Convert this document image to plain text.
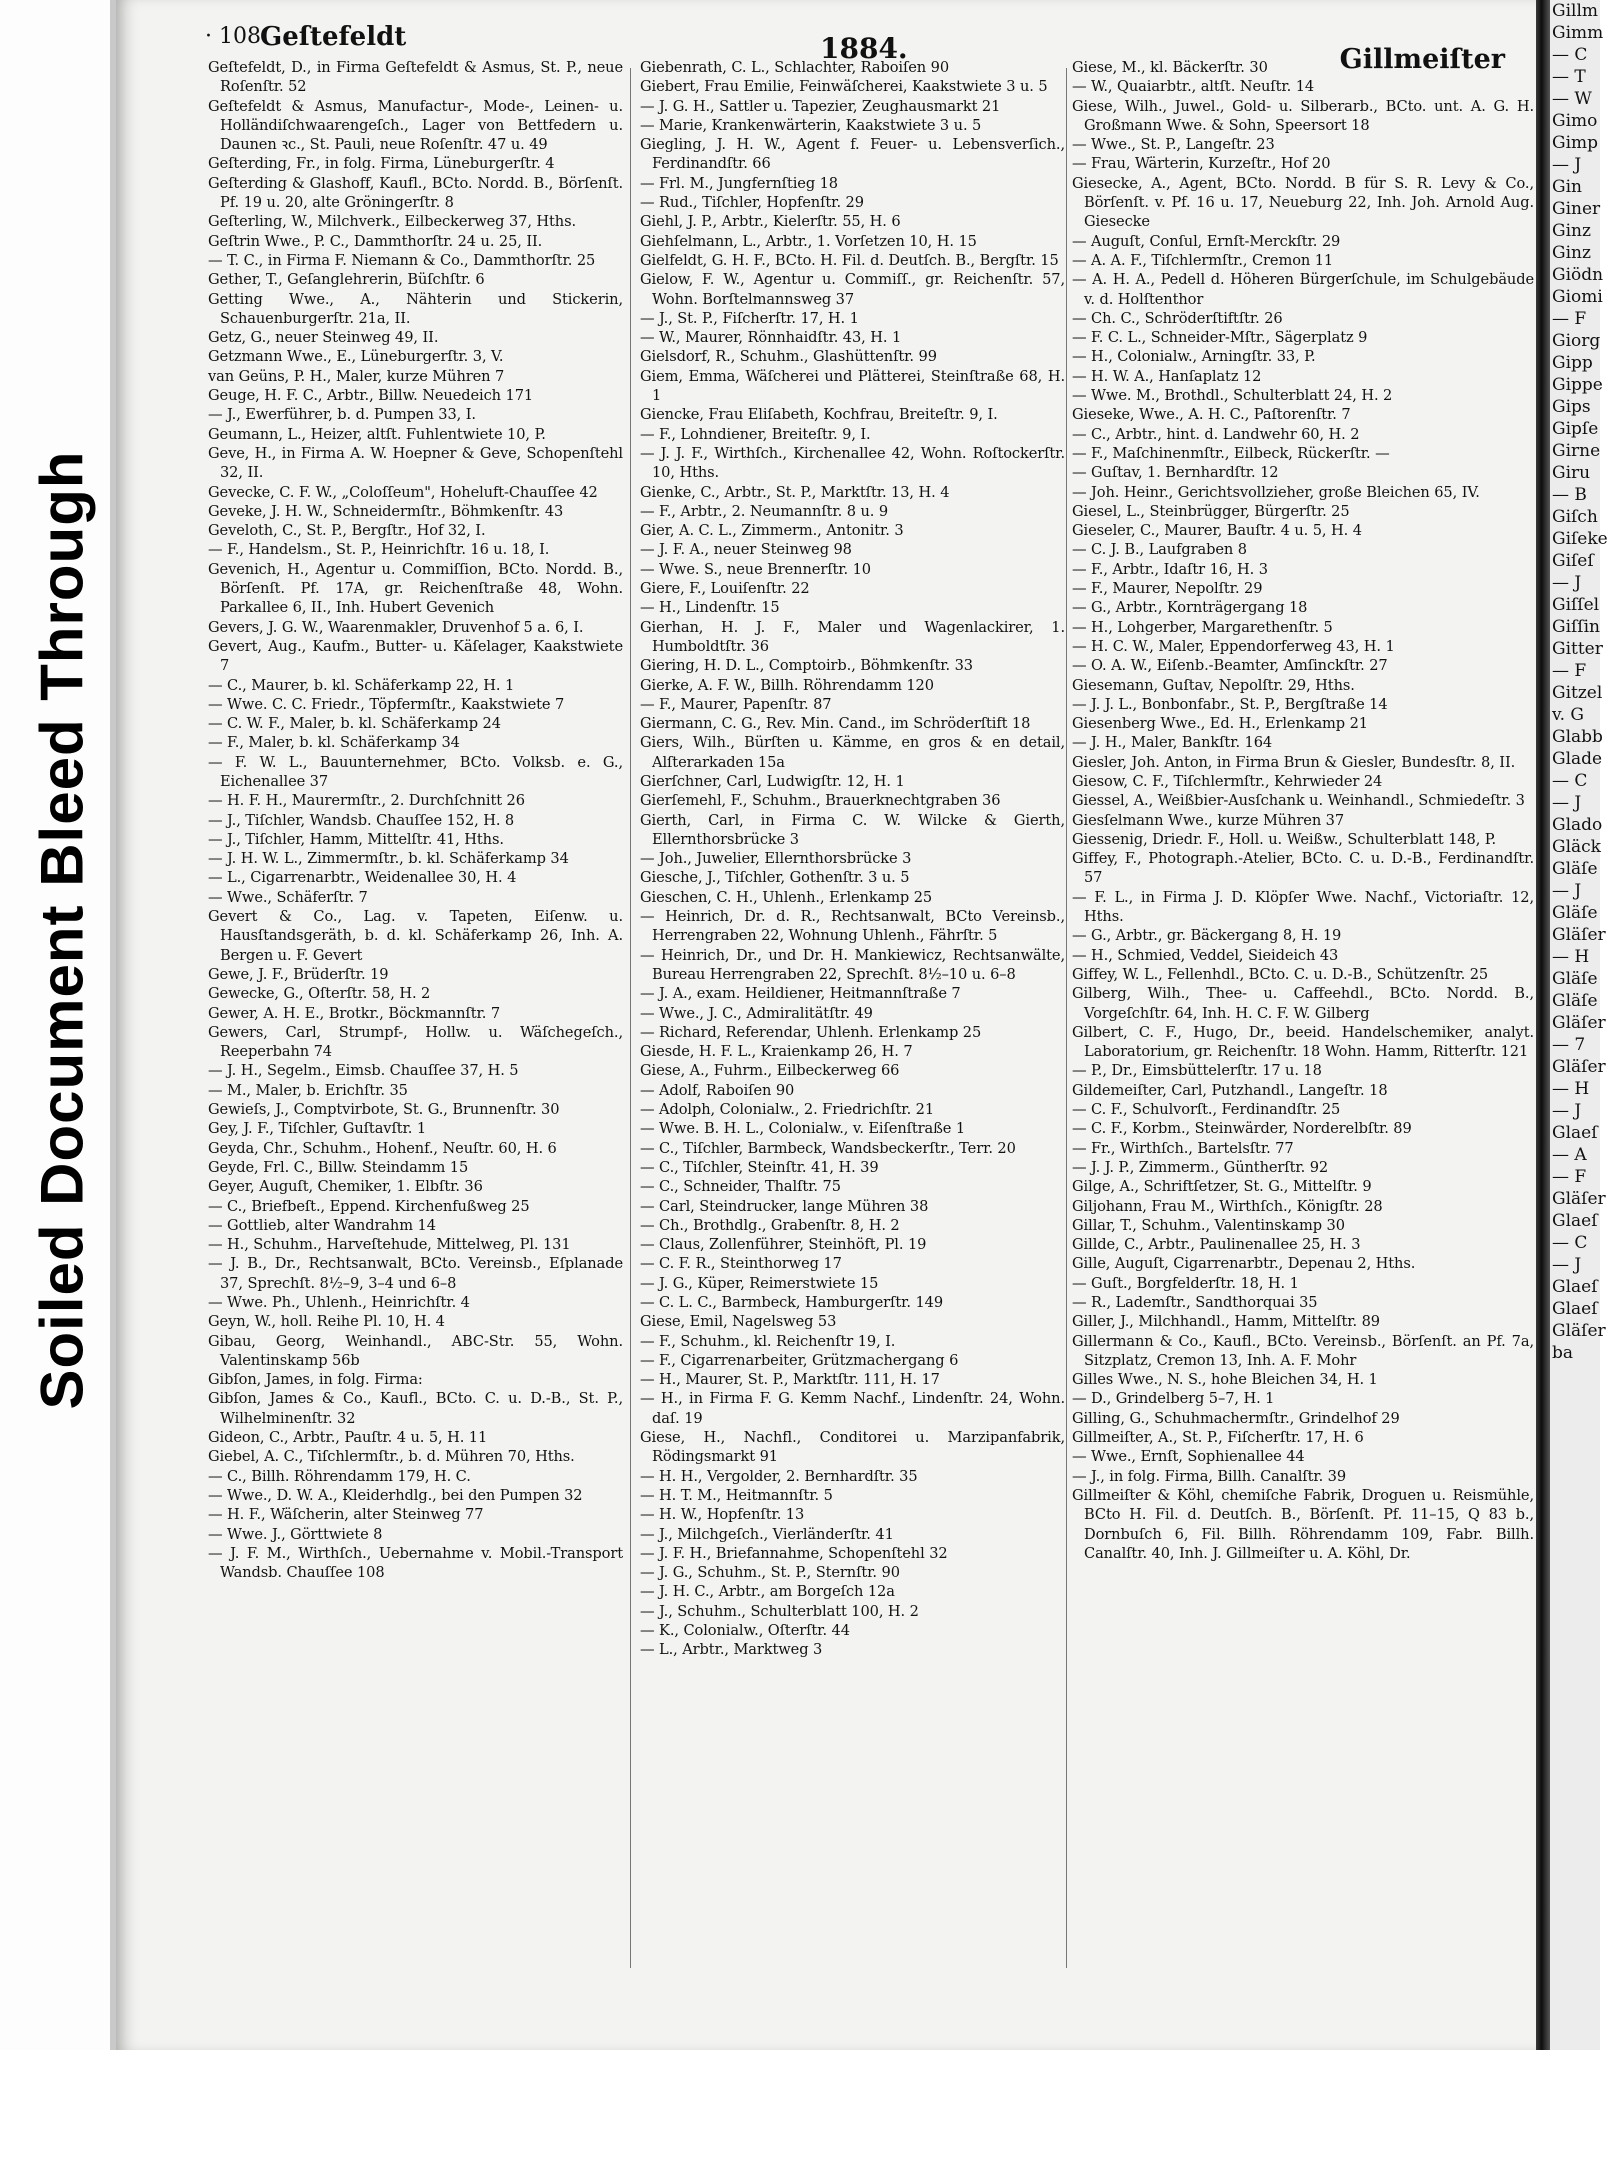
Soiled Document Bleed Through
Gillm
Gimm
— C
— T
— W
Gimo
Gimp
— J
Gin
Giner
Ginz
Ginz
Giödn
Giomi
— F
Giorg
Gipp
Gippe
Gips
Gipſe
Girne
Giru
— B
Giſch
Giſeke
Giſeſ
— J
Giſſel
Giſſin
Gitter
— F
Gitzel
v. G
Glabb
Glade
— C
— J
Glado
Gläck
Gläſe
— J
Gläſe
Gläſer
— H
Gläſe
Gläſe
Gläſer
— 7
Gläſer
— H
— J
Glaeſ
— A
— F
Gläſer
Glaeſ
— C
— J
Glaeſ
Glaeſ
Gläſer
ba
· 108 Geſtefeldt	1884.	Gillmeiſter

Geſtefeldt, D., in Firma Geſtefeldt & Asmus, St. P., neue Roſenſtr. 52

Geſtefeldt & Asmus, Manufactur-, Mode-, Leinen- u. Holländiſchwaarengeſch., Lager von Bettfedern u. Daunen ꝛc., St. Pauli, neue Roſenſtr. 47 u. 49

Geſterding, Fr., in folg. Firma, Lüneburgerſtr. 4

Geſterding & Glashoff, Kaufl., BCto. Nordd. B., Börſenſt. Pf. 19 u. 20, alte Gröningerſtr. 8

Geſterling, W., Milchverk., Eilbeckerweg 37, Hths.

Geſtrin Wwe., P. C., Dammthorſtr. 24 u. 25, II.

— T. C., in Firma F. Niemann & Co., Dammthorſtr. 25

Gether, T., Geſanglehrerin, Büſchſtr. 6

Getting Wwe., A., Nähterin und Stickerin, Schauenburgerſtr. 21a, II.

Getz, G., neuer Steinweg 49, II.

Getzmann Wwe., E., Lüneburgerſtr. 3, V.

van Geüns, P. H., Maler, kurze Mühren 7

Geuge, H. F. C., Arbtr., Billw. Neuedeich 171

— J., Ewerführer, b. d. Pumpen 33, I.

Geumann, L., Heizer, altſt. Fuhlentwiete 10, P.

Geve, H., in Firma A. W. Hoepner & Geve, Schopenſtehl 32, II.

Gevecke, C. F. W., „Coloſſeum", Hoheluft-Chauſſee 42

Geveke, J. H. W., Schneidermſtr., Böhmkenſtr. 43

Geveloth, C., St. P., Bergſtr., Hof 32, I.

— F., Handelsm., St. P., Heinrichſtr. 16 u. 18, I.

Gevenich, H., Agentur u. Commiſſion, BCto. Nordd. B., Börſenſt. Pf. 17A, gr. Reichenſtraße 48, Wohn. Parkallee 6, II., Inh. Hubert Gevenich

Gevers, J. G. W., Waarenmakler, Druvenhof 5 a. 6, I.

Gevert, Aug., Kaufm., Butter- u. Käſelager, Kaakstwiete 7

— C., Maurer, b. kl. Schäferkamp 22, H. 1

— Wwe. C. C. Friedr., Töpfermſtr., Kaakstwiete 7

— C. W. F., Maler, b. kl. Schäferkamp 24

— F., Maler, b. kl. Schäferkamp 34

— F. W. L., Bauunternehmer, BCto. Volksb. e. G., Eichenallee 37

— H. F. H., Maurermſtr., 2. Durchſchnitt 26

— J., Tiſchler, Wandsb. Chauſſee 152, H. 8

— J., Tiſchler, Hamm, Mittelſtr. 41, Hths.

— J. H. W. L., Zimmermſtr., b. kl. Schäferkamp 34

— L., Cigarrenarbtr., Weidenallee 30, H. 4

— Wwe., Schäferſtr. 7

Gevert & Co., Lag. v. Tapeten, Eiſenw. u. Hausſtandsgeräth, b. d. kl. Schäferkamp 26, Inh. A. Bergen u. F. Gevert

Gewe, J. F., Brüderſtr. 19

Gewecke, G., Oſterſtr. 58, H. 2

Gewer, A. H. E., Brotkr., Böckmannſtr. 7

Gewers, Carl, Strumpf-, Hollw. u. Wäſchegeſch., Reeperbahn 74

— J. H., Segelm., Eimsb. Chauſſee 37, H. 5

— M., Maler, b. Erichſtr. 35

Gewieſs, J., Comptvirbote, St. G., Brunnenſtr. 30

Gey, J. F., Tiſchler, Guſtavſtr. 1

Geyda, Chr., Schuhm., Hohenf., Neuſtr. 60, H. 6

Geyde, Frl. C., Billw. Steindamm 15

Geyer, Auguſt, Chemiker, 1. Elbſtr. 36

— C., Briefbeſt., Eppend. Kirchenfußweg 25

— Gottlieb, alter Wandrahm 14

— H., Schuhm., Harveſtehude, Mittelweg, Pl. 131

— J. B., Dr., Rechtsanwalt, BCto. Vereinsb., Eſplanade 37, Sprechſt. 8½–9, 3–4 und 6–8

— Wwe. Ph., Uhlenh., Heinrichſtr. 4

Geyn, W., holl. Reihe Pl. 10, H. 4

Gibau, Georg, Weinhandl., ABC-Str. 55, Wohn. Valentinskamp 56b

Gibſon, James, in folg. Firma:

Gibſon, James & Co., Kaufl., BCto. C. u. D.-B., St. P., Wilhelminenſtr. 32

Gideon, C., Arbtr., Pauſtr. 4 u. 5, H. 11

Giebel, A. C., Tiſchlermſtr., b. d. Mühren 70, Hths.

— C., Billh. Röhrendamm 179, H. C.

— Wwe., D. W. A., Kleiderhdlg., bei den Pumpen 32

— H. F., Wäſcherin, alter Steinweg 77

— Wwe. J., Görttwiete 8

— J. F. M., Wirthſch., Uebernahme v. Mobil.-Transport Wandsb. Chauſſee 108

Giebenrath, C. L., Schlachter, Raboiſen 90

Giebert, Frau Emilie, Feinwäſcherei, Kaakstwiete 3 u. 5

— J. G. H., Sattler u. Tapezier, Zeughausmarkt 21

— Marie, Krankenwärterin, Kaakstwiete 3 u. 5

Giegling, J. H. W., Agent f. Feuer- u. Lebensverſich., Ferdinandſtr. 66

— Frl. M., Jungfernſtieg 18

— Rud., Tiſchler, Hopfenſtr. 29

Giehl, J. P., Arbtr., Kielerſtr. 55, H. 6

Giehſelmann, L., Arbtr., 1. Vorſetzen 10, H. 15

Gielfeldt, G. H. F., BCto. H. Fil. d. Deutſch. B., Bergſtr. 15

Gielow, F. W., Agentur u. Commiſſ., gr. Reichenſtr. 57, Wohn. Borſtelmannsweg 37

— J., St. P., Fiſcherſtr. 17, H. 1

— W., Maurer, Rönnhaidſtr. 43, H. 1

Gielsdorf, R., Schuhm., Glashüttenſtr. 99

Giem, Emma, Wäſcherei und Plätterei, Steinſtraße 68, H. 1

Giencke, Frau Eliſabeth, Kochfrau, Breiteſtr. 9, I.

— F., Lohndiener, Breiteſtr. 9, I.

— J. J. F., Wirthſch., Kirchenallee 42, Wohn. Roſtockerſtr. 10, Hths.

Gienke, C., Arbtr., St. P., Marktſtr. 13, H. 4

— F., Arbtr., 2. Neumannſtr. 8 u. 9

Gier, A. C. L., Zimmerm., Antonitr. 3

— J. F. A., neuer Steinweg 98

— Wwe. S., neue Brennerſtr. 10

Giere, F., Louiſenſtr. 22

— H., Lindenſtr. 15

Gierhan, H. J. F., Maler und Wagenlackirer, 1. Humboldtſtr. 36

Giering, H. D. L., Comptoirb., Böhmkenſtr. 33

Gierke, A. F. W., Billh. Röhrendamm 120

— F., Maurer, Papenſtr. 87

Giermann, C. G., Rev. Min. Cand., im Schröderſtift 18

Giers, Wilh., Bürſten u. Kämme, en gros & en detail, Alſterarkaden 15a

Gierſchner, Carl, Ludwigſtr. 12, H. 1

Gierſemehl, F., Schuhm., Brauerknechtgraben 36

Gierth, Carl, in Firma C. W. Wilcke & Gierth, Ellernthorsbrücke 3

— Joh., Juwelier, Ellernthorsbrücke 3

Giesche, J., Tiſchler, Gothenſtr. 3 u. 5

Gieschen, C. H., Uhlenh., Erlenkamp 25

— Heinrich, Dr. d. R., Rechtsanwalt, BCto Vereinsb., Herrengraben 22, Wohnung Uhlenh., Fährſtr. 5

— Heinrich, Dr., und Dr. H. Mankiewicz, Rechtsanwälte, Bureau Herrengraben 22, Sprechſt. 8½–10 u. 6–8

— J. A., exam. Heildiener, Heitmannſtraße 7

— Wwe., J. C., Admiralitätſtr. 49

— Richard, Referendar, Uhlenh. Erlenkamp 25

Giesde, H. F. L., Kraienkamp 26, H. 7

Giese, A., Fuhrm., Eilbeckerweg 66

— Adolf, Raboiſen 90

— Adolph, Colonialw., 2. Friedrichſtr. 21

— Wwe. B. H. L., Colonialw., v. Eiſenſtraße 1

— C., Tiſchler, Barmbeck, Wandsbeckerſtr., Terr. 20

— C., Tiſchler, Steinſtr. 41, H. 39

— C., Schneider, Thalſtr. 75

— Carl, Steindrucker, lange Mühren 38

— Ch., Brothdlg., Grabenſtr. 8, H. 2

— Claus, Zollenführer, Steinhöft, Pl. 19

— C. F. R., Steinthorweg 17

— J. G., Küper, Reimerstwiete 15

— C. L. C., Barmbeck, Hamburgerſtr. 149

Giese, Emil, Nagelsweg 53

— F., Schuhm., kl. Reichenſtr 19, I.

— F., Cigarrenarbeiter, Grützmachergang 6

— H., Maurer, St. P., Marktſtr. 111, H. 17

— H., in Firma F. G. Kemm Nachf., Lindenſtr. 24, Wohn. daſ. 19

Giese, H., Nachfl., Conditorei u. Marzipanfabrik, Rödingsmarkt 91

— H. H., Vergolder, 2. Bernhardſtr. 35

— H. T. M., Heitmannſtr. 5

— H. W., Hopfenſtr. 13

— J., Milchgeſch., Vierländerſtr. 41

— J. F. H., Briefannahme, Schopenſtehl 32

— J. G., Schuhm., St. P., Sternſtr. 90

— J. H. C., Arbtr., am Borgeſch 12a

— J., Schuhm., Schulterblatt 100, H. 2

— K., Colonialw., Oſterſtr. 44

— L., Arbtr., Marktweg 3

Giese, M., kl. Bäckerſtr. 30

— W., Quaiarbtr., altſt. Neuſtr. 14

Giese, Wilh., Juwel., Gold- u. Silberarb., BCto. unt. A. G. H. Großmann Wwe. & Sohn, Speersort 18

— Wwe., St. P., Langeſtr. 23

— Frau, Wärterin, Kurzeſtr., Hof 20

Giesecke, A., Agent, BCto. Nordd. B für S. R. Levy & Co., Börſenſt. v. Pf. 16 u. 17, Neueburg 22, Inh. Joh. Arnold Aug. Giesecke

— Auguſt, Conſul, Ernſt-Merckſtr. 29

— A. A. F., Tiſchlermſtr., Cremon 11

— A. H. A., Pedell d. Höheren Bürgerſchule, im Schulgebäude v. d. Holſtenthor

— Ch. C., Schröderſtiftſtr. 26

— F. C. L., Schneider-Mſtr., Sägerplatz 9

— H., Colonialw., Arningſtr. 33, P.

— H. W. A., Hanſaplatz 12

— Wwe. M., Brothdl., Schulterblatt 24, H. 2

Gieseke, Wwe., A. H. C., Paſtorenſtr. 7

— C., Arbtr., hint. d. Landwehr 60, H. 2

— F., Maſchinenmſtr., Eilbeck, Rückerſtr. —

— Guſtav, 1. Bernhardſtr. 12

— Joh. Heinr., Gerichtsvollzieher, große Bleichen 65, IV.

Giesel, L., Steinbrügger, Bürgerſtr. 25

Gieseler, C., Maurer, Bauſtr. 4 u. 5, H. 4

— C. J. B., Laufgraben 8

— F., Arbtr., Idaſtr 16, H. 3

— F., Maurer, Nepolſtr. 29

— G., Arbtr., Kornträgergang 18

— H., Lohgerber, Margarethenſtr. 5

— H. C. W., Maler, Eppendorferweg 43, H. 1

— O. A. W., Eiſenb.-Beamter, Amſinckſtr. 27

Giesemann, Guſtav, Nepolſtr. 29, Hths.

— J. J. L., Bonbonfabr., St. P., Bergſtraße 14

Giesenberg Wwe., Ed. H., Erlenkamp 21

— J. H., Maler, Bankſtr. 164

Giesler, Joh. Anton, in Firma Brun & Giesler, Bundesſtr. 8, II.

Giesow, C. F., Tiſchlermſtr., Kehrwieder 24

Giessel, A., Weißbier-Ausſchank u. Weinhandl., Schmiedeſtr. 3

Giesſelmann Wwe., kurze Mühren 37

Giessenig, Driedr. F., Holl. u. Weißw., Schulterblatt 148, P.

Giffey, F., Photograph.-Atelier, BCto. C. u. D.-B., Ferdinandſtr. 57

— F. L., in Firma J. D. Klöpſer Wwe. Nachf., Victoriaſtr. 12, Hths.

— G., Arbtr., gr. Bäckergang 8, H. 19

— H., Schmied, Veddel, Sieideich 43

Giffey, W. L., Fellenhdl., BCto. C. u. D.-B., Schützenſtr. 25

Gilberg, Wilh., Thee- u. Caffeehdl., BCto. Nordd. B., Vorgeſchſtr. 64, Inh. H. C. F. W. Gilberg

Gilbert, C. F., Hugo, Dr., beeid. Handelschemiker, analyt. Laboratorium, gr. Reichenſtr. 18 Wohn. Hamm, Ritterſtr. 121

— P., Dr., Eimsbüttelerſtr. 17 u. 18

Gildemeiſter, Carl, Putzhandl., Langeſtr. 18

— C. F., Schulvorſt., Ferdinandſtr. 25

— C. F., Korbm., Steinwärder, Norderelbſtr. 89

— Fr., Wirthſch., Bartelsſtr. 77

— J. J. P., Zimmerm., Güntherſtr. 92

Gilge, A., Schriftſetzer, St. G., Mittelſtr. 9

Giljohann, Frau M., Wirthſch., Königſtr. 28

Gillar, T., Schuhm., Valentinskamp 30

Gillde, C., Arbtr., Paulinenallee 25, H. 3

Gille, Auguſt, Cigarrenarbtr., Depenau 2, Hths.

— Guſt., Borgfelderſtr. 18, H. 1

— R., Lademſtr., Sandthorquai 35

Giller, J., Milchhandl., Hamm, Mittelſtr. 89

Gillermann & Co., Kaufl., BCto. Vereinsb., Börſenſt. an Pf. 7a, Sitzplatz, Cremon 13, Inh. A. F. Mohr

Gilles Wwe., N. S., hohe Bleichen 34, H. 1

— D., Grindelberg 5–7, H. 1

Gilling, G., Schuhmachermſtr., Grindelhof 29

Gillmeiſter, A., St. P., Fiſcherſtr. 17, H. 6

— Wwe., Ernſt, Sophienallee 44

— J., in folg. Firma, Billh. Canalſtr. 39

Gillmeiſter & Köhl, chemiſche Fabrik, Droguen u. Reismühle, BCto H. Fil. d. Deutſch. B., Börſenſt. Pf. 11–15, Q 83 b., Dornbuſch 6, Fil. Billh. Röhrendamm 109, Fabr. Billh. Canalſtr. 40, Inh. J. Gillmeiſter u. A. Köhl, Dr.
